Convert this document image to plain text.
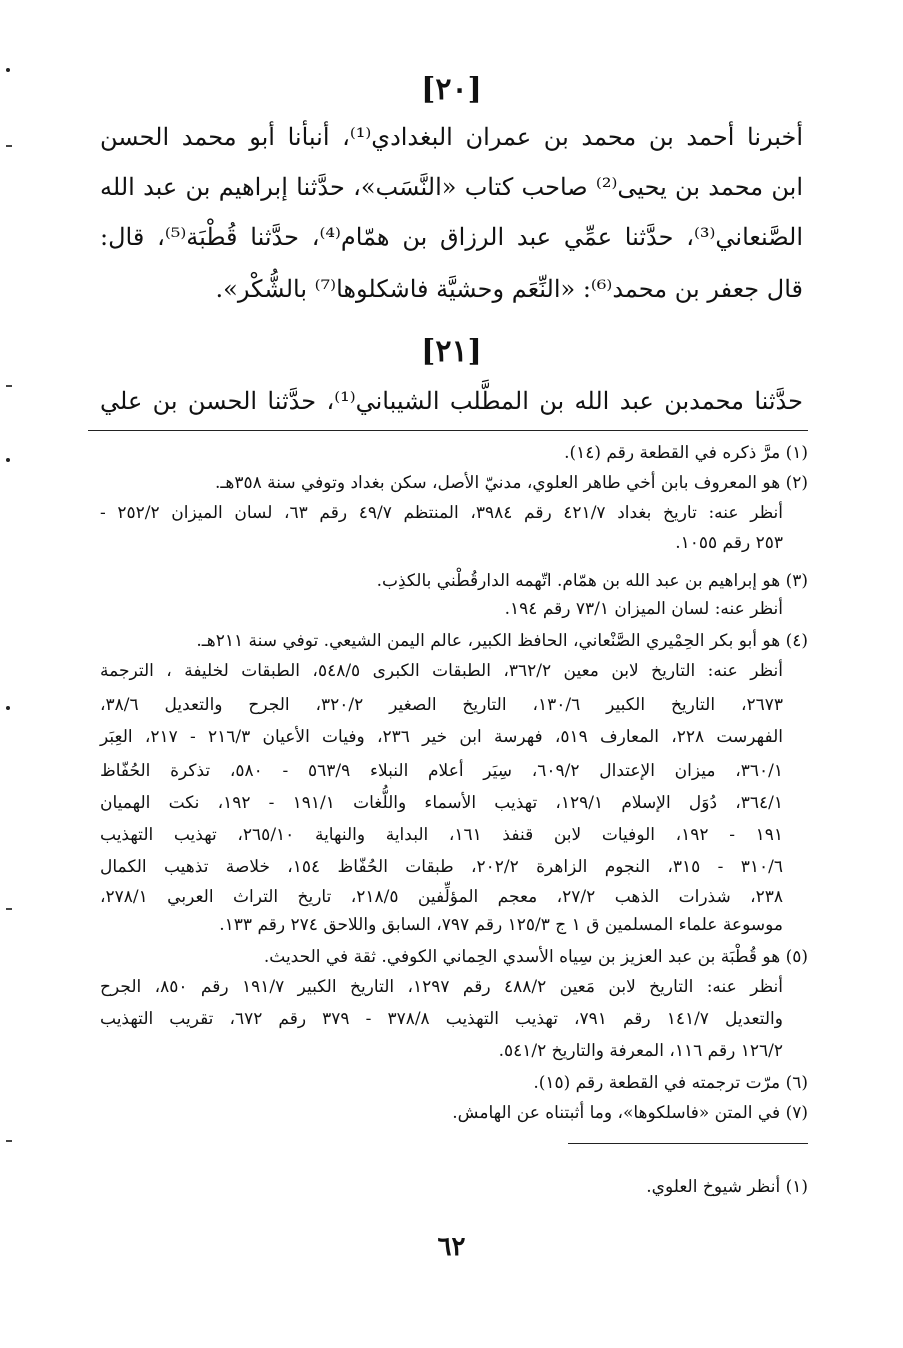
[٢٠]
أخبرنا أحمد بن محمد بن عمران البغدادي⁽¹⁾، أنبأنا أبو محمد الحسن
ابن محمد بن يحيى⁽²⁾ صاحب كتاب «النَّسَب»، حدَّثنا إبراهيم بن عبد الله
الصَّنعاني⁽³⁾، حدَّثنا عمِّي عبد الرزاق بن همّام⁽⁴⁾، حدَّثنا قُطْبَة⁽⁵⁾، قال:
قال جعفر بن محمد⁽⁶⁾: «النِّعَم وحشيَّة فاشكلوها⁽⁷⁾ بالشُّكْر».
[٢١]
حدَّثنا محمدبن عبد الله بن المطَّلب الشيباني⁽¹⁾، حدَّثنا الحسن بن علي
(١) مرَّ ذكره في القطعة رقم (١٤).
(٢) هو المعروف بابن أخي طاهر العلوي، مدنيّ الأصل، سكن بغداد وتوفي سنة ٣٥٨هـ.
أنظر عنه: تاريخ بغداد ٤٢١/٧ رقم ٣٩٨٤، المنتظم ٤٩/٧ رقم ٦٣، لسان الميزان ٢٥٢/٢ -
٢٥٣ رقم ١٠٥٥.
(٣) هو إبراهيم بن عبد الله بن همّام. اتّهمه الدارقُطْني بالكذِب.
أنظر عنه: لسان الميزان ٧٣/١ رقم ١٩٤.
(٤) هو أبو بكر الحِمْيري الصَّنْعاني، الحافظ الكبير، عالم اليمن الشيعي. توفي سنة ٢١١هـ.
أنظر عنه: التاريخ لابن معين ٣٦٢/٢، الطبقات الكبرى ٥٤٨/٥، الطبقات لخليفة ، الترجمة
٢٦٧٣، التاريخ الكبير ١٣٠/٦، التاريخ الصغير ٣٢٠/٢، الجرح والتعديل ٣٨/٦،
الفهرست ٢٢٨، المعارف ٥١٩، فهرسة ابن خير ٢٣٦، وفيات الأعيان ٢١٦/٣ - ٢١٧، العِبَر
٣٦٠/١، ميزان الإعتدال ٦٠٩/٢، سِيَر أعلام النبلاء ٥٦٣/٩ - ٥٨٠، تذكرة الحُفّاظ
٣٦٤/١، دُوَل الإسلام ١٢٩/١، تهذيب الأسماء واللُّغات ١٩١/١ - ١٩٢، نكت الهميان
١٩١ - ١٩٢، الوفيات لابن قنفذ ١٦١، البداية والنهاية ٢٦٥/١٠، تهذيب التهذيب
٣١٠/٦ - ٣١٥، النجوم الزاهرة ٢٠٢/٢، طبقات الحُفّاظ ١٥٤، خلاصة تذهيب الكمال
٢٣٨، شذرات الذهب ٢٧/٢، معجم المؤلِّفين ٢١٨/٥، تاريخ التراث العربي ٢٧٨/١،
موسوعة علماء المسلمين ق ١ ج ١٢٥/٣ رقم ٧٩٧، السابق واللاحق ٢٧٤ رقم ١٣٣.
(٥) هو قُطْبَة بن عبد العزيز بن سِياه الأسدي الحِماني الكوفي. ثقة في الحديث.
أنظر عنه: التاريخ لابن مَعين ٤٨٨/٢ رقم ١٢٩٧، التاريخ الكبير ١٩١/٧ رقم ٨٥٠، الجرح
والتعديل ١٤١/٧ رقم ٧٩١، تهذيب التهذيب ٣٧٨/٨ - ٣٧٩ رقم ٦٧٢، تقريب التهذيب
١٢٦/٢ رقم ١١٦، المعرفة والتاريخ ٥٤١/٢.
(٦) مرّت ترجمته في القطعة رقم (١٥).
(٧) في المتن «فاسلكوها»، وما أثبتناه عن الهامش.
(١) أنظر شيوخ العلوي.
٦٢
